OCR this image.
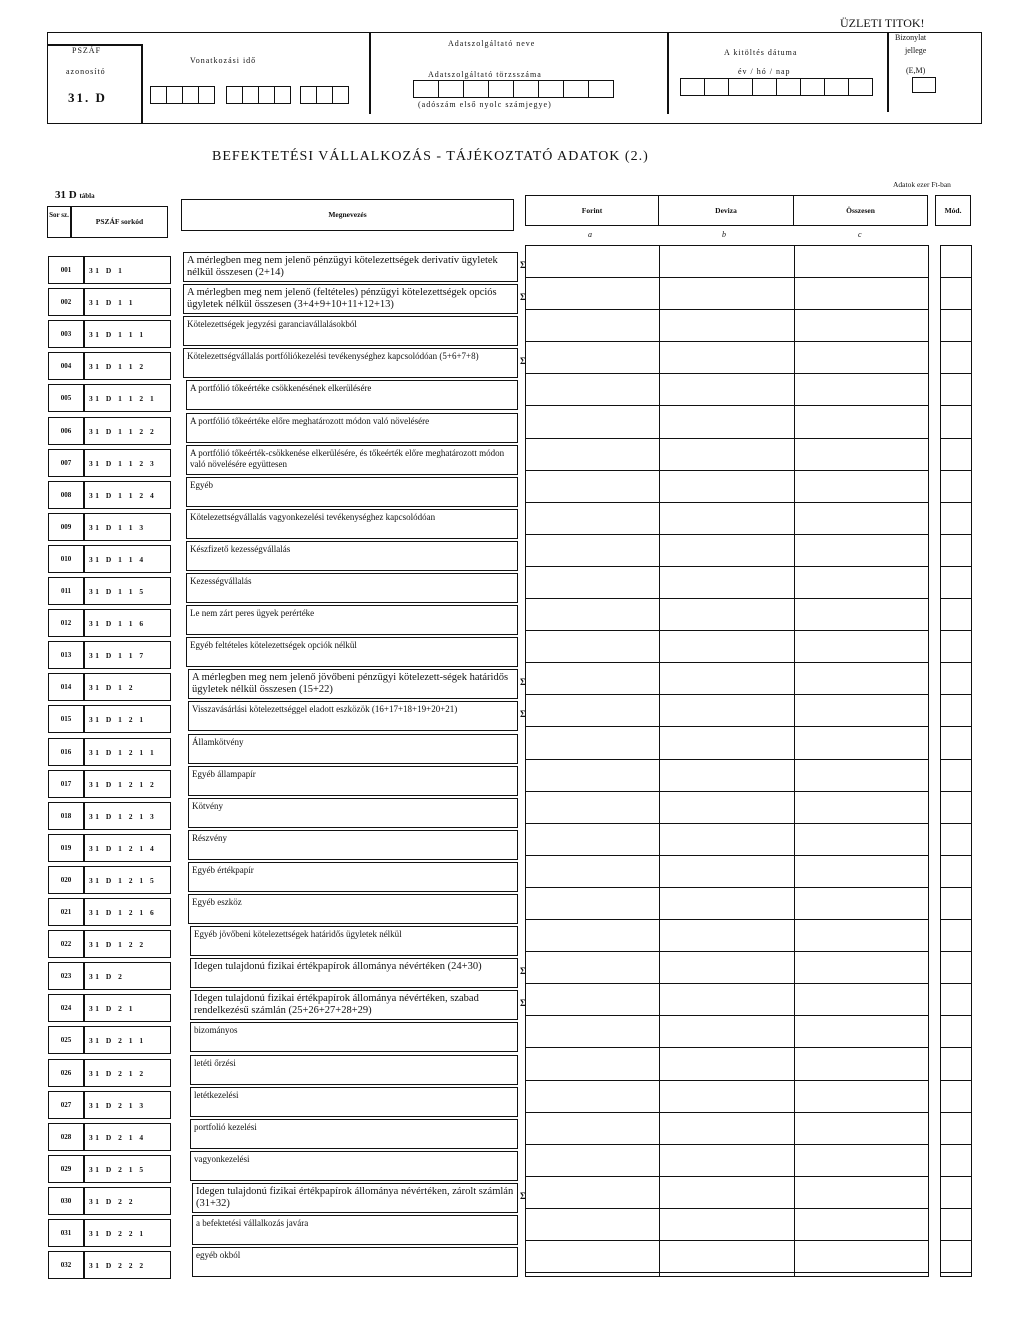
ÜZLETI TITOK!
PSZÁF
azonosító
31. D
Vonatkozási idő
Adatszolgáltató neve
Adatszolgáltató törzsszáma
(adószám első nyolc számjegye)
A kitöltés dátuma
év / hó / nap
Bizonylat
jellege
(E,M)
BEFEKTETÉSI VÁLLALKOZÁS - TÁJÉKOZTATÓ ADATOK (2.)
31 D tábla
Adatok ezer Ft-ban
Sor sz.
PSZÁF sorkód
Megnevezés	Forint	Deviza	Összesen	Mód.
a	b	c
001	31 D 1
A mérlegben meg nem jelenő pénzügyi kötelezettségek derivatív ügyletek nélkül összesen (2+14)
Σ
002	31 D 1 1
A mérlegben meg nem jelenő (feltételes) pénzügyi kötelezettségek opciós ügyletek nélkül összesen (3+4+9+10+11+12+13)
Σ
003	31 D 1 1 1
Kötelezettségek jegyzési garanciavállalásokból
004	31 D 1 1 2
Kötelezettségvállalás portfóliókezelési tevékenységhez kapcsolódóan (5+6+7+8)	Σ
005	31 D 1 1 2 1
A portfólió tőkeértéke csökkenésének elkerülésére
006	31 D 1 1 2 2
A portfólió tőkeértéke előre meghatározott módon való növelésére
007	31 D 1 1 2 3
A portfólió tőkeérték-csökkenése elkerülésére, és tőkeérték előre meghatározott módon való növelésére együttesen
008	31 D 1 1 2 4
Egyéb
009	31 D 1 1 3
Kötelezettségvállalás vagyonkezelési tevékenységhez kapcsolódóan
010	31 D 1 1 4
Készfizető kezességvállalás
011	31 D 1 1 5
Kezességvállalás
012	31 D 1 1 6
Le nem zárt peres ügyek perértéke
013	31 D 1 1 7
Egyéb feltételes kötelezettségek opciók nélkül
014	31 D 1 2
A mérlegben meg nem jelenő jövőbeni pénzügyi kötelezett-ségek határidős ügyletek nélkül összesen (15+22)
Σ
015	31 D 1 2 1
Visszavásárlási kötelezettséggel eladott eszközök (16+17+18+19+20+21)	Σ
016	31 D 1 2 1 1
Államkötvény
017	31 D 1 2 1 2
Egyéb állampapír
018	31 D 1 2 1 3
Kötvény
019	31 D 1 2 1 4
Részvény
020	31 D 1 2 1 5
Egyéb értékpapír
021	31 D 1 2 1 6
Egyéb eszköz
022	31 D 1 2 2
Egyéb jövőbeni kötelezettségek határidős ügyletek nélkül
023	31 D 2
Idegen tulajdonú fizikai értékpapírok állománya névértéken (24+30)	Σ
024	31 D 2 1
Idegen tulajdonú fizikai értékpapírok állománya névértéken, szabad rendelkezésű számlán (25+26+27+28+29)
Σ
025	31 D 2 1 1
bizományos
026	31 D 2 1 2
letéti őrzési
027	31 D 2 1 3
letétkezelési
028	31 D 2 1 4
portfolió kezelési
029	31 D 2 1 5
vagyonkezelési
030	31 D 2 2
Idegen tulajdonú fizikai értékpapírok állománya névértéken, zárolt számlán (31+32)
Σ
031	31 D 2 2 1
a befektetési vállalkozás javára
032	31 D 2 2 2
egyéb okból
